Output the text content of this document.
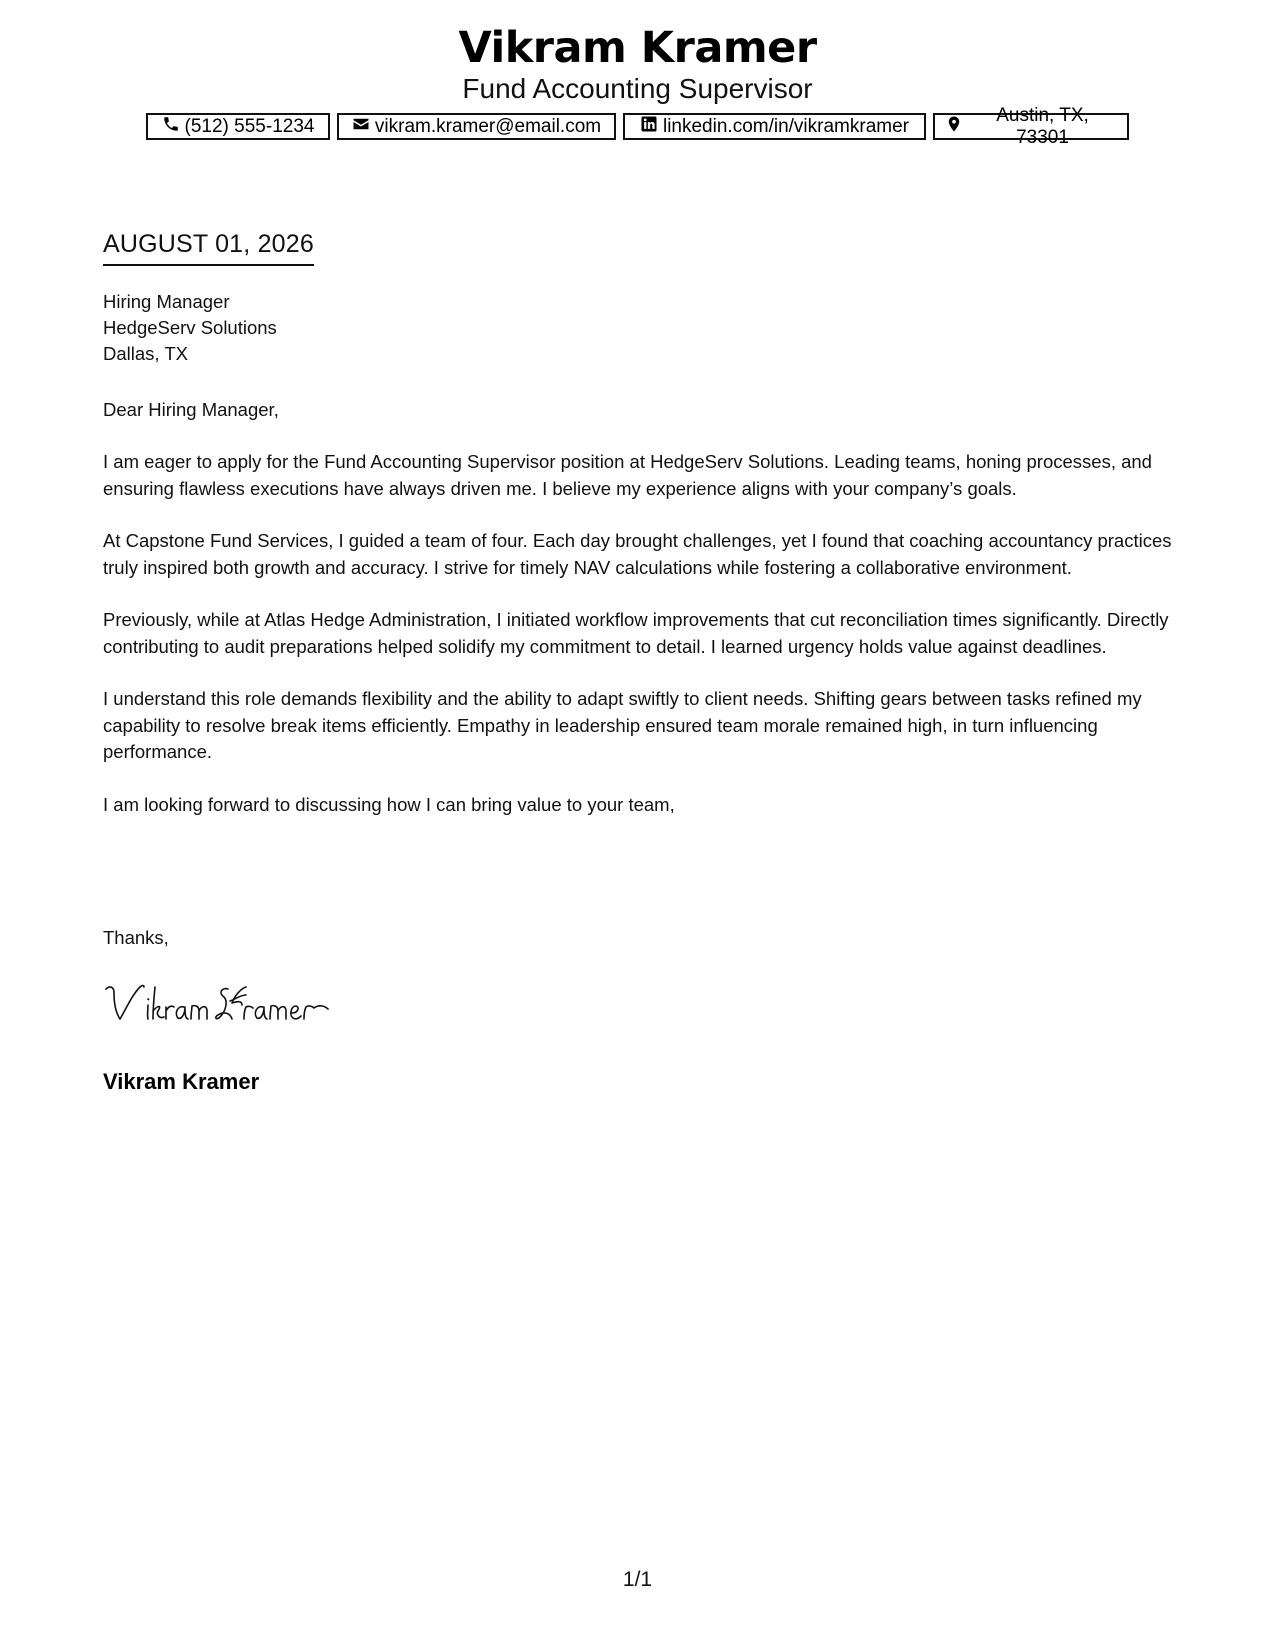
Vikram Kramer
Fund Accounting Supervisor
(512) 555-1234	vikram.kramer@email.com	linkedin.com/in/vikramkramer
Austin, TX, 73301
AUGUST 01, 2026
Hiring Manager
HedgeServ Solutions
Dallas, TX
Dear Hiring Manager,

I am eager to apply for the Fund Accounting Supervisor position at HedgeServ Solutions. Leading teams, honing processes, and ensuring flawless executions have always driven me. I believe my experience aligns with your company’s goals.

At Capstone Fund Services, I guided a team of four. Each day brought challenges, yet I found that coaching accountancy practices truly inspired both growth and accuracy. I strive for timely NAV calculations while fostering a collaborative environment.

Previously, while at Atlas Hedge Administration, I initiated workflow improvements that cut reconciliation times significantly. Directly contributing to audit preparations helped solidify my commitment to detail. I learned urgency holds value against deadlines.

I understand this role demands flexibility and the ability to adapt swiftly to client needs. Shifting gears between tasks refined my capability to resolve break items efficiently. Empathy in leadership ensured team morale remained high, in turn influencing performance.

I am looking forward to discussing how I can bring value to your team,

Thanks,
Vikram Kramer
1/1
